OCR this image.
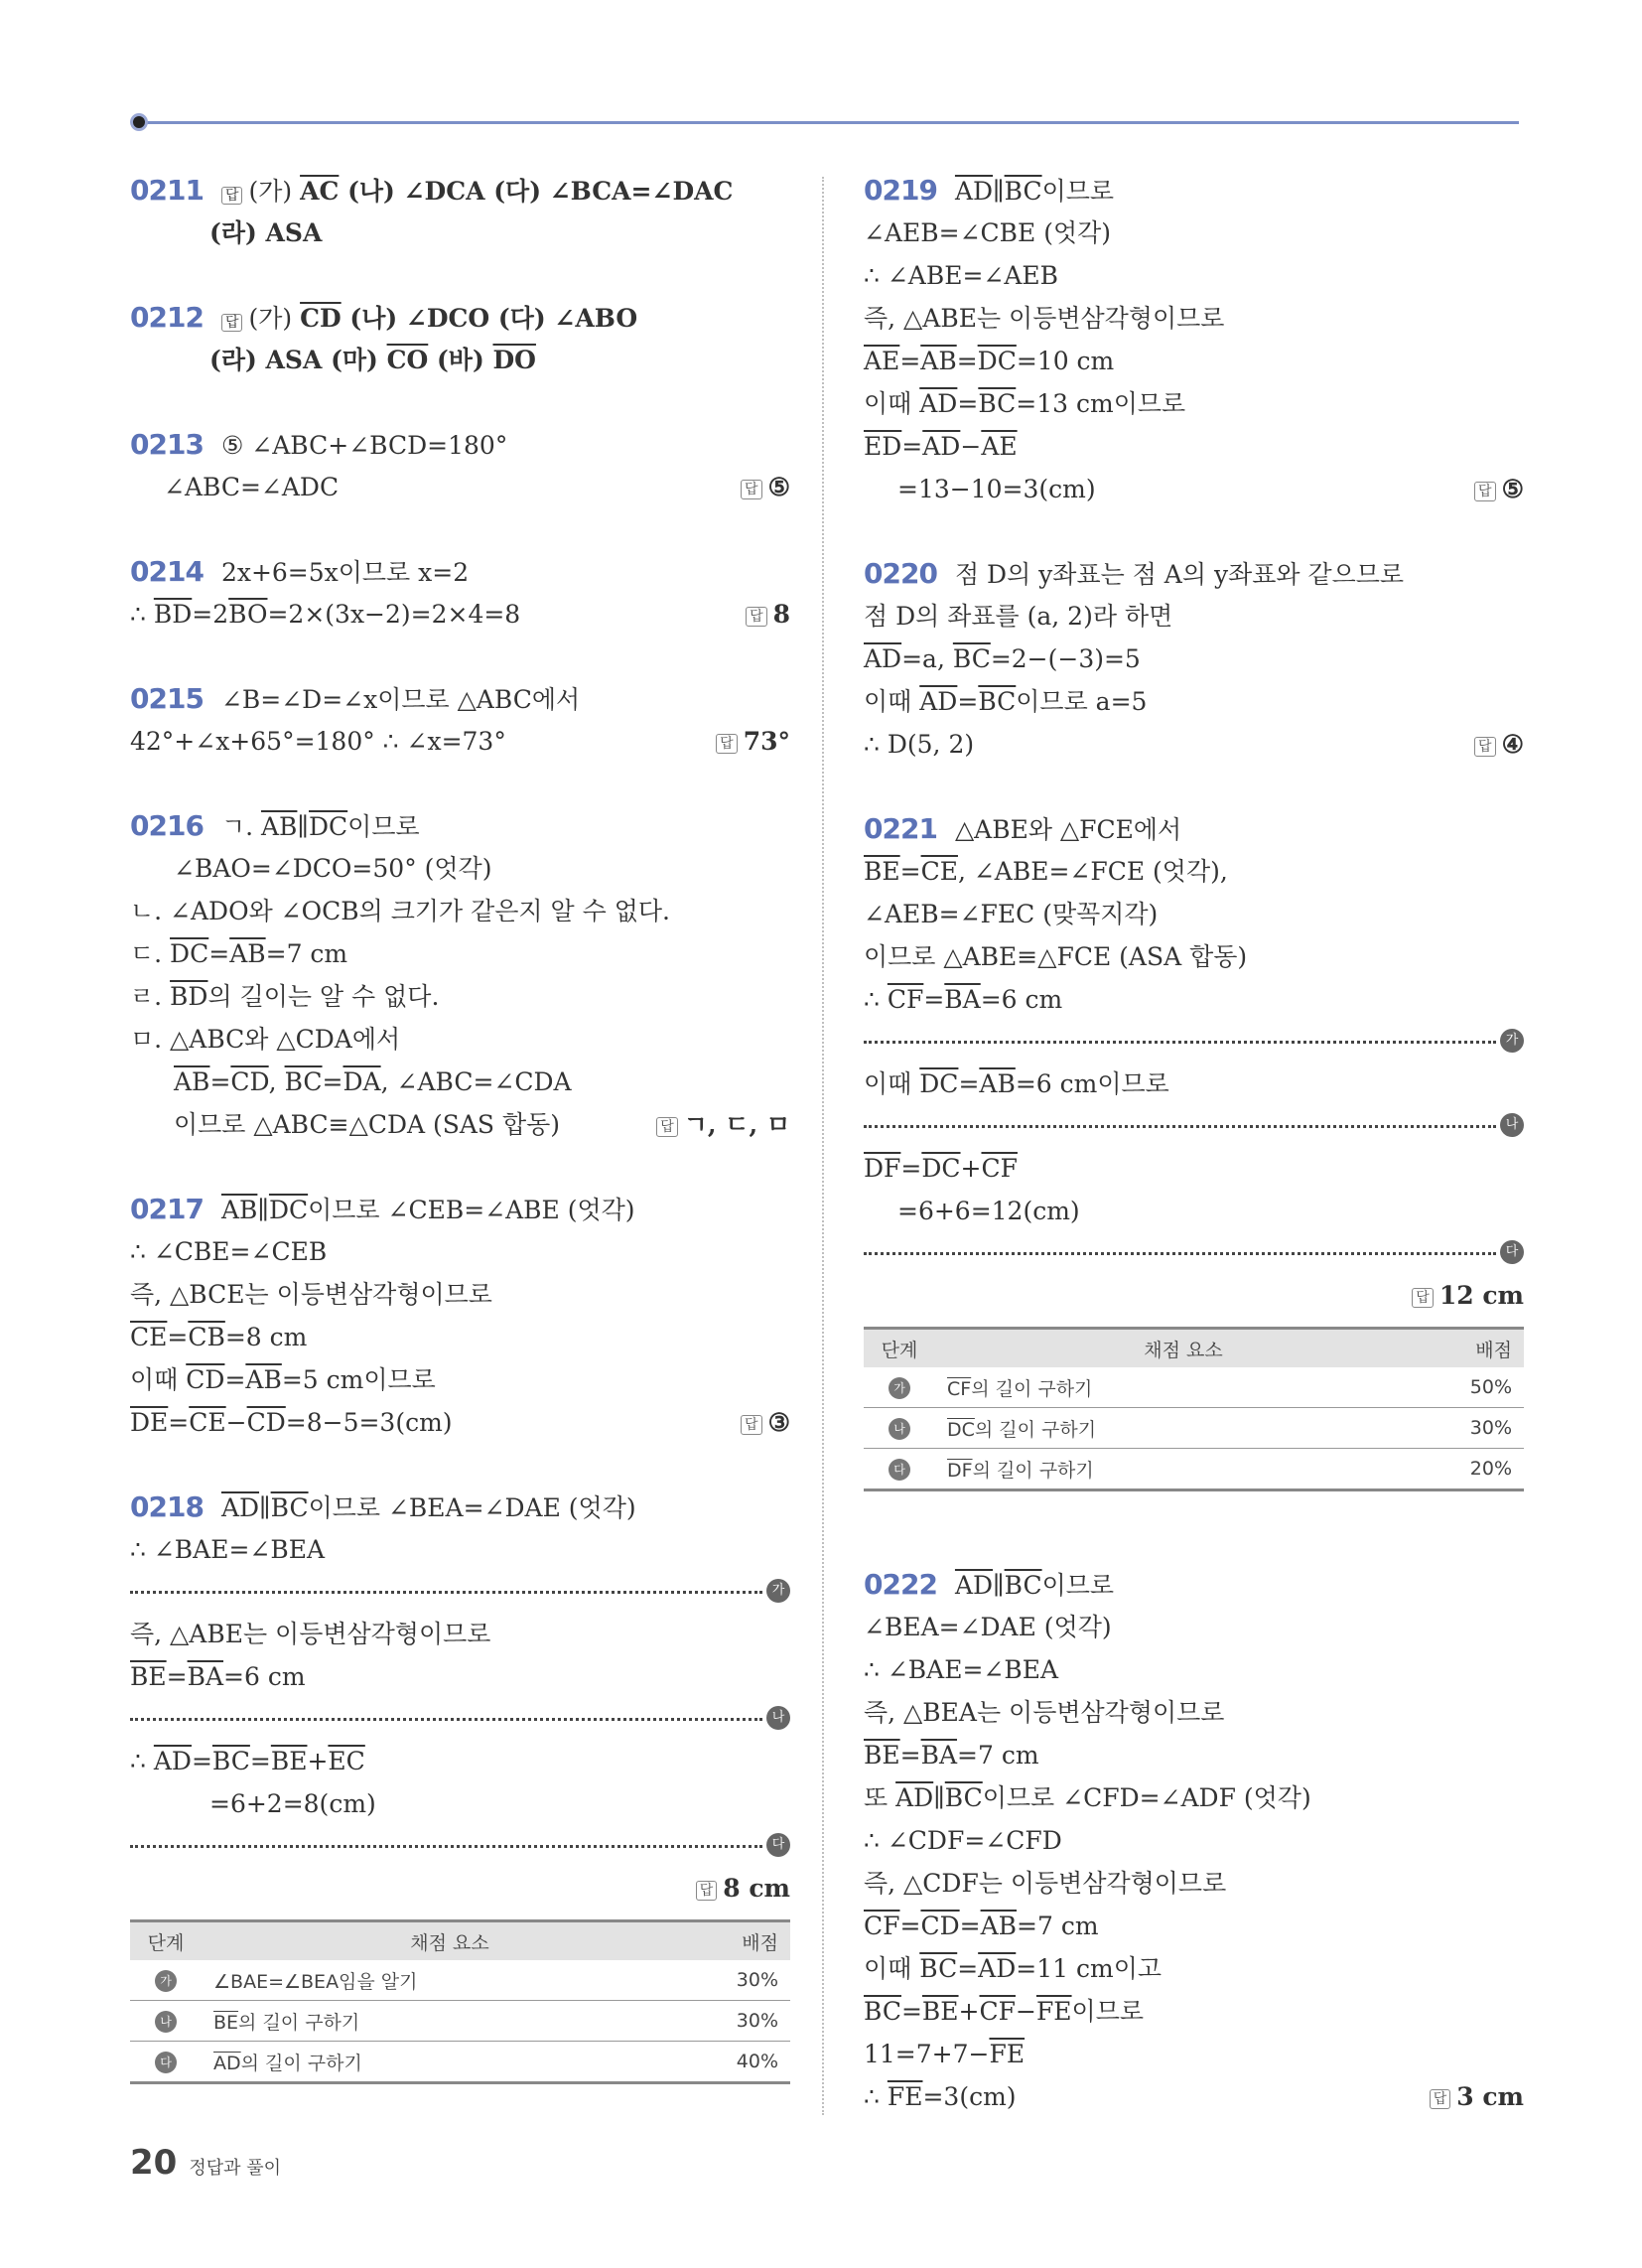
0211 답 (가) $\overline{AC}$ (나) ∠DCA (다) ∠BCA=∠DAC
(라) ASA
0212 답 (가) $\overline{CD}$ (나) ∠DCO (다) ∠ABO
(라) ASA (마) $\overline{CO}$ (바) $\overline{DO}$
0213 ⑤ ∠ABC+∠BCD=180°
∠ABC=∠ADC	답 ⑤
0214 2x+6=5x이므로 x=2
∴ $\overline{BD}=2\overline{BO}=2\times(3x-2)=2\times 4=8$	답 8
0215 ∠B=∠D=∠x이므로 △ABC에서
42°+∠x+65°=180° ∴ ∠x=73°	답 73°
0216 ㄱ. $\overline{AB}\parallel\overline{DC}$이므로
∠BAO=∠DCO=50° (엇각)
ㄴ. ∠ADO와 ∠OCB의 크기가 같은지 알 수 없다.
ㄷ. $\overline{DC}=\overline{AB}=7$ cm
ㄹ. $\overline{BD}$의 길이는 알 수 없다.
ㅁ. △ABC와 △CDA에서
$\overline{AB}=\overline{CD}$, $\overline{BC}=\overline{DA}$, ∠ABC=∠CDA
이므로 △ABC≡△CDA (SAS 합동)	답 ㄱ, ㄷ, ㅁ
0217 $\overline{AB}\parallel\overline{DC}$이므로 ∠CEB=∠ABE (엇각)
∴ ∠CBE=∠CEB
즉, △BCE는 이등변삼각형이므로
$\overline{CE}=\overline{CB}=8$ cm
이때 $\overline{CD}=\overline{AB}=5$ cm이므로
$\overline{DE}=\overline{CE}-\overline{CD}=8-5=3(cm)$	답 ③
0218 $\overline{AD}\parallel\overline{BC}$이므로 ∠BEA=∠DAE (엇각)
∴ ∠BAE=∠BEA
가
즉, △ABE는 이등변삼각형이므로
$\overline{BE}=\overline{BA}=6$ cm
나
∴ $\overline{AD}=\overline{BC}=\overline{BE}+\overline{EC}$
=6+2=8(cm)
다
답 8 cm
단계	채점 요소	배점
가	∠BAE=∠BEA임을 알기	30%
나	$\overline{BE}$의 길이 구하기	30%
다	$\overline{AD}$의 길이 구하기	40%
0219 $\overline{AD}\parallel\overline{BC}$이므로
∠AEB=∠CBE (엇각)
∴ ∠ABE=∠AEB
즉, △ABE는 이등변삼각형이므로
$\overline{AE}=\overline{AB}=\overline{DC}=10$ cm
이때 $\overline{AD}=\overline{BC}=13$ cm이므로
$\overline{ED}=\overline{AD}-\overline{AE}$
=13−10=3(cm)	답 ⑤
0220 점 D의 y좌표는 점 A의 y좌표와 같으므로
점 D의 좌표를 (a, 2)라 하면
$\overline{AD}=a$, $\overline{BC}=2-(-3)=5$
이때 $\overline{AD}=\overline{BC}$이므로 a=5
∴ D(5, 2)	답 ④
0221 △ABE와 △FCE에서
$\overline{BE}=\overline{CE}$, ∠ABE=∠FCE (엇각),
∠AEB=∠FEC (맞꼭지각)
이므로 △ABE≡△FCE (ASA 합동)
∴ $\overline{CF}=\overline{BA}=6$ cm
가
이때 $\overline{DC}=\overline{AB}=6$ cm이므로
나
$\overline{DF}=\overline{DC}+\overline{CF}$
=6+6=12(cm)
다
답 12 cm
단계	채점 요소	배점
가	$\overline{CF}$의 길이 구하기	50%
나	$\overline{DC}$의 길이 구하기	30%
다	$\overline{DF}$의 길이 구하기	20%
0222 $\overline{AD}\parallel\overline{BC}$이므로
∠BEA=∠DAE (엇각)
∴ ∠BAE=∠BEA
즉, △BEA는 이등변삼각형이므로
$\overline{BE}=\overline{BA}=7$ cm
또 $\overline{AD}\parallel\overline{BC}$이므로 ∠CFD=∠ADF (엇각)
∴ ∠CDF=∠CFD
즉, △CDF는 이등변삼각형이므로
$\overline{CF}=\overline{CD}=\overline{AB}=7$ cm
이때 $\overline{BC}=\overline{AD}=11$ cm이고
$\overline{BC}=\overline{BE}+\overline{CF}-\overline{FE}$이므로
$11=7+7-\overline{FE}$
∴ $\overline{FE}=3(cm)$	답 3 cm
20 정답과 풀이
